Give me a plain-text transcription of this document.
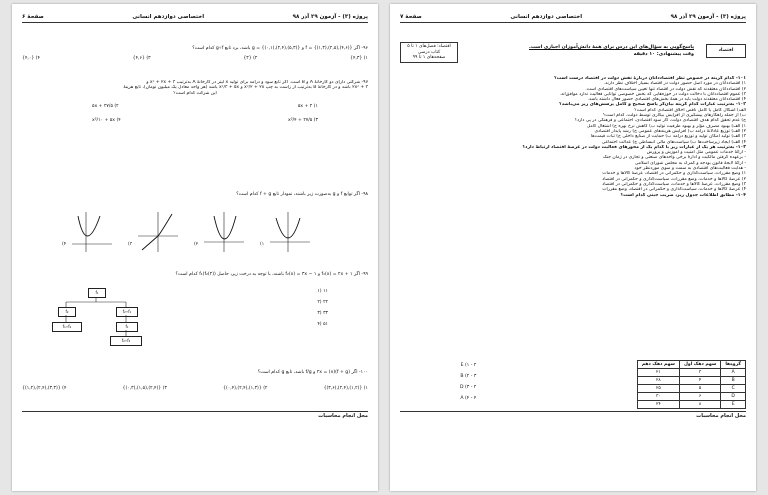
پروژه (۳) - آزمون ۲۹ آذر ۹۸
اختصاصی دوازدهم انسانی
صفحهٔ ۶
۹۶- اگر f = {(۱,۳),(۲,۵),(۴,۶)} و g = {(۰,۱),(۲,۴),(۵,۳)} باشد، برد تابع g∘f کدام است؟
{۴,۳} (۱
{۳} (۲
{۴,۶} (۳
{۴,۰} (۴
۹۷- شرکتی دارای دو کارخانهٔ A و B است. اگر تابع سود و درآمد برای تولید x لیتر در کارخانهٔ A به‌ترتیب x² + ۲x + ۳ و
۲x² + ۳ باشد و در کارخانهٔ B به‌ترتیب از راست به چپ x²/۲ + ۲x و x²/۳ + ۵x باشد (هر واحد معادل یک میلیون تومان)، تابع هزینهٔ
این شرکت کدام است؟
۵x + ۲ (۱
۵x + ۲۷/۵ (۲
x²/۴ + ۲۷/۵ (۳
x²/۱۰ + ۵x (۴
۹۸- اگر توابع f و g به‌صورت زیر باشند، نمودار تابع f + g کدام است؟
(۴	(۳	(۲	(۱
۹۹- اگر f₁(x) = ۲x + ۱ و f₂(x) = ۳x − ۱ باشند، با توجه به درخت زیر، حاصل f₁(f₂(۲)) کدام است؟
۱۱ (۱
۲۲ (۲
۳۳ (۳
۵۱ (۴
f₁
f₂	f₂∘f₁
f₁∘f₂	f₁
f₂∘f₂
۱۰۰- اگر (f + g)(x) = ۲x و f/g باشد، تابع g کدام است؟
{(۳,۶),(۲,۴),(۱,۲)} (۱
{(۰,۴),(۲,۴),(۱,۳)} (۲
{(۰,۳),(۱,۵),(۲,۴)} (۳
{(۱,۲),(۲,۴),(۳,۳)} (۴
محل انجام محاسبات
پروژه (۳) - آزمون ۲۹ آذر ۹۸
اختصاصی دوازدهم انسانی
صفحهٔ ۷
اقتصاد
پاسخ‌گویی به سؤال‌های این درس برای همهٔ دانش‌آموزان اجباری است.
وقت پیشنهادی: ۱۰ دقیقه
اقتصاد: فصل‌های ۱ تا ۵
کتاب درسی
صفحه‌های ۱ تا ۹۹
۱۰۱- کدام گزینه در خصوص نظر اقتصاددانان دربارهٔ نقش دولت در اقتصاد درست است؟
۱) اقتصاددانان در مورد اصل حضور دولت در اقتصاد بسیار اختلاف نظر دارند.
۲) اقتصاددانان معتقدند که نقش دولت در اقتصاد تنها تعیین سیاست‌های اقتصادی است.
۳) عموم اقتصاددانان با دخالت دولت در حوزه‌هایی که بخش خصوصی توانایی فعالیت ندارد موافق‌اند.
۴) اقتصاددانان معتقدند دولت باید در همهٔ بخش‌های اقتصادی حضور فعال داشته باشد.
۱۰۲- به‌ترتیب عبارات کدام گزینه بیان‌گر پاسخ صحیح و کامل پرسش‌های زیر می‌باشد؟
الف) اشکال کامل یا کامل ناقص اخلاق اقتصادی کدام است؟
ب) از جمله راهکارهای پیشگیری از افزایش بیکاری توسط دولت، کدام است؟
ج) عدم تحقق کدام هدف اقتصادی دولت، کار سود اقتصادی، اجتماعی و فرهنگی در پی دارد؟
۱) الف) بهبود مصرف مؤثر و بهبود ظرفیت تولید ب) کاهش نرخ بهره ج) اشتغال کامل
۲) الف) توزیع عادلانهٔ درآمد ب) افزایش هزینه‌های عمومی ج) رشد پایدار اقتصادی
۳) الف) تولید امکان تولید و توزیع درآمد ب) حمایت از صنایع داخلی ج) ثبات قیمت‌ها
۴) الف) ایجاد زیرساخت‌ها ب) سیاست‌های مالی انبساطی ج) عدالت اجتماعی
۱۰۳- به‌ترتیب هر یک از عبارات زیر با کدام یک از محورهای فعالیت دولت در عرصهٔ اقتصاد ارتباط دارد؟
- ارائهٔ خدمات عمومی مثل امنیت و آموزش و پرورش
- برعهده گرفتن مالکیت و ادارهٔ برخی واحدهای صنعتی و تجاری در زمان جنگ
- ارائهٔ لایحهٔ قانون بودجه و گمرک به مجلس شورای اسلامی
- هدایت فعالیت‌های اقتصادی به سمت و سوی موردنظر خود
۱) وضع مقررات، سیاست‌گذاری و حکمرانی در اقتصاد، عرضهٔ کالاها و خدمات
۲) عرضهٔ کالاها و خدمات، وضع مقررات، سیاست‌گذاری و حکمرانی در اقتصاد
۳) وضع مقررات، عرضهٔ کالاها و خدمات، سیاست‌گذاری و حکمرانی در اقتصاد
۴) عرضهٔ کالاها و خدمات، سیاست‌گذاری و حکمرانی در اقتصاد، وضع مقررات
۱۰۴- مطابق اطلاعات جدول زیر، ضریب جینی کدام است؟
گروه‌ها	سهم دهک اول	سهم دهک دهم
A	۳	۲۱
B	۴	۲۸
C	۵	۲۵
D	۶	۳۰
E	۸	۲۴
۲ - E (۱
۳ - B (۲
۲ - D (۳
۴ - A (۴
محل انجام محاسبات
